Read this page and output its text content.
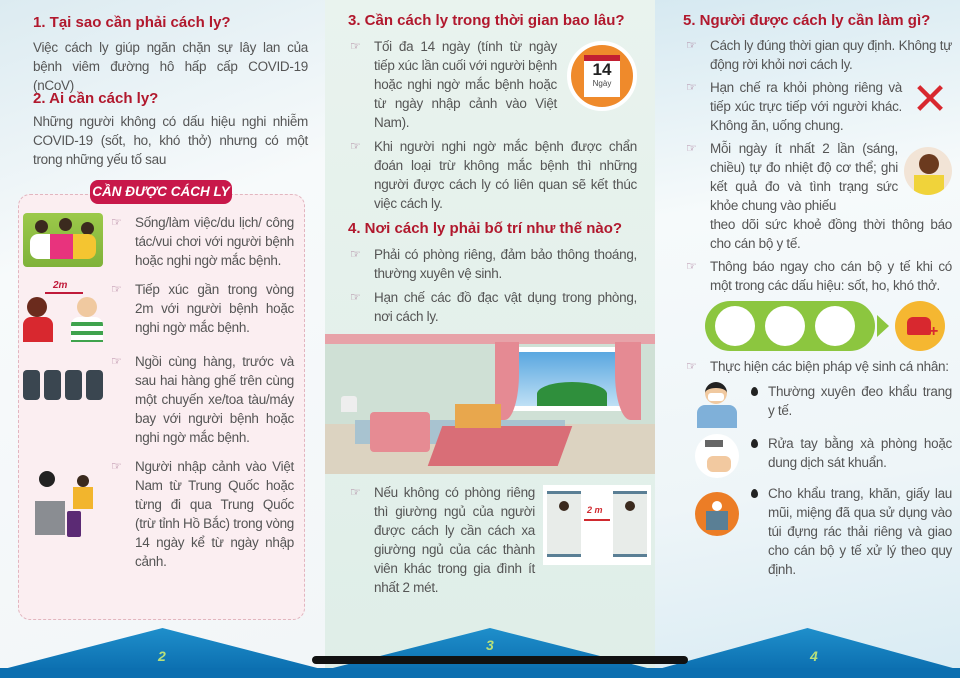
1. Tại sao cần phải cách ly?
Việc cách ly giúp ngăn chặn sự lây lan của bệnh viêm đường hô hấp cấp COVID-19 (nCoV)
2. Ai cần cách ly?
Những người không có dấu hiệu nghi nhiễm COVID-19 (sốt, ho, khó thở) nhưng có một trong những yếu tố sau
☞ Sống/làm việc/du lịch/ công tác/vui chơi với người bệnh hoặc nghi ngờ mắc bệnh.
2m	☞ Tiếp xúc gần trong vòng 2m với người bệnh hoặc nghi ngờ mắc bệnh.
☞ Ngồi cùng hàng, trước và sau hai hàng ghế trên cùng một chuyến xe/toa tàu/máy bay với người bệnh hoặc nghi ngờ mắc bệnh.
☞ Người nhập cảnh vào Việt Nam từ Trung Quốc hoặc từng đi qua Trung Quốc (trừ tỉnh Hồ Bắc) trong vòng 14 ngày kể từ ngày nhập cảnh.
CẦN ĐƯỢC CÁCH LY
2
3. Cần cách ly trong thời gian bao lâu?
☞ Tối đa 14 ngày (tính từ ngày tiếp xúc lần cuối với người bệnh hoặc nghi ngờ mắc bệnh hoặc từ ngày nhập cảnh vào Việt Nam).
14
Ngày
☞ Khi người nghi ngờ mắc bệnh được chẩn đoán loại trừ không mắc bệnh thì những người được cách ly có liên quan sẽ kết thúc việc cách ly.
4. Nơi cách ly phải bố trí như thế nào?
☞ Phải có phòng riêng, đảm bảo thông thoáng, thường xuyên vệ sinh.
☞ Hạn chế các đồ đạc vật dụng trong phòng, nơi cách ly.
☞ Nếu không có phòng riêng thì giường ngủ của người được cách ly cần cách xa giường ngủ của các thành viên khác trong gia đình ít nhất 2 mét.
2 m
3
5. Người được cách ly cần làm gì?
☞ Cách ly đúng thời gian quy định. Không tự động rời khỏi nơi cách ly.
☞ Hạn chế ra khỏi phòng riêng và tiếp xúc trực tiếp với người khác. Không ăn, uống chung.
✕
☞ Mỗi ngày ít nhất 2 lần (sáng, chiều) tự đo nhiệt độ cơ thể; ghi kết quả đo và tình trạng sức khỏe chung vào phiếu
theo dõi sức khoẻ đồng thời thông báo cho cán bộ y tế.
☞ Thông báo ngay cho cán bộ y tế khi có một trong các dấu hiệu: sốt, ho, khó thở.
+
☞ Thực hiện các biện pháp vệ sinh cá nhân:
Thường xuyên đeo khẩu trang y tế.
Rửa tay bằng xà phòng hoặc dung dịch sát khuẩn.
Cho khẩu trang, khăn, giấy lau mũi, miệng đã qua sử dụng vào túi đựng rác thải riêng và giao cho cán bộ y tế xử lý theo quy định.
4
